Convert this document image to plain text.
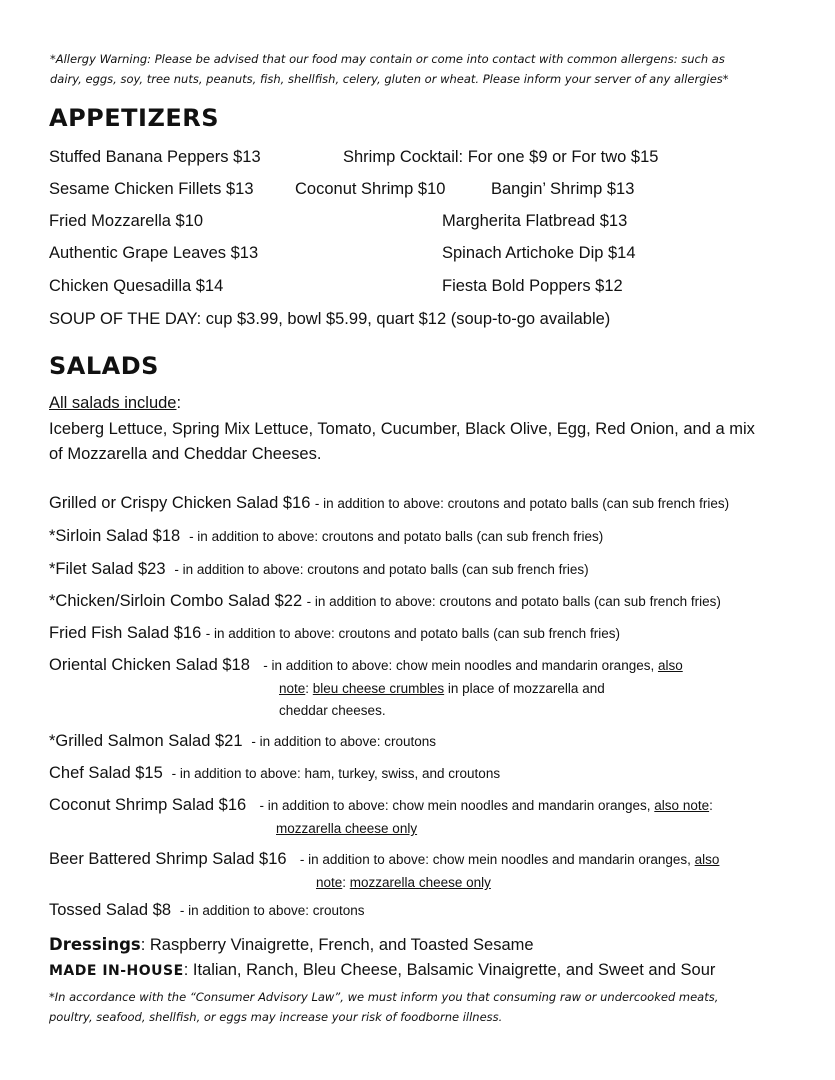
*Allergy Warning: Please be advised that our food may contain or come into contact with common allergens: such as
dairy, eggs, soy, tree nuts, peanuts, fish, shellfish, celery, gluten or wheat. Please inform your server of any allergies*
APPETIZERS
Stuffed Banana Peppers $13	Shrimp Cocktail: For one $9 or For two $15
Sesame Chicken Fillets $13	Coconut Shrimp $10	Bangin’ Shrimp $13
Fried Mozzarella $10	Margherita Flatbread $13
Authentic Grape Leaves $13	Spinach Artichoke Dip $14
Chicken Quesadilla $14	Fiesta Bold Poppers $12
SOUP OF THE DAY: cup $3.99, bowl $5.99, quart $12 (soup-to-go available)
SALADS
All salads include:
Iceberg Lettuce, Spring Mix Lettuce, Tomato, Cucumber, Black Olive, Egg, Red Onion, and a mix
of Mozzarella and Cheddar Cheeses.
Grilled or Crispy Chicken Salad $16 - in addition to above: croutons and potato balls (can sub french fries)
*Sirloin Salad $18 - in addition to above: croutons and potato balls (can sub french fries)
*Filet Salad $23 - in addition to above: croutons and potato balls (can sub french fries)
*Chicken/Sirloin Combo Salad $22 - in addition to above: croutons and potato balls (can sub french fries)
Fried Fish Salad $16 - in addition to above: croutons and potato balls (can sub french fries)
Oriental Chicken Salad $18 - in addition to above: chow mein noodles and mandarin oranges, also
note: bleu cheese crumbles in place of mozzarella and
cheddar cheeses.
*Grilled Salmon Salad $21 - in addition to above: croutons
Chef Salad $15 - in addition to above: ham, turkey, swiss, and croutons
Coconut Shrimp Salad $16 - in addition to above: chow mein noodles and mandarin oranges, also note:
mozzarella cheese only
Beer Battered Shrimp Salad $16 - in addition to above: chow mein noodles and mandarin oranges, also
note: mozzarella cheese only
Tossed Salad $8 - in addition to above: croutons
Dressings: Raspberry Vinaigrette, French, and Toasted Sesame
MADE IN-HOUSE: Italian, Ranch, Bleu Cheese, Balsamic Vinaigrette, and Sweet and Sour
*In accordance with the “Consumer Advisory Law”, we must inform you that consuming raw or undercooked meats,
poultry, seafood, shellfish, or eggs may increase your risk of foodborne illness.
